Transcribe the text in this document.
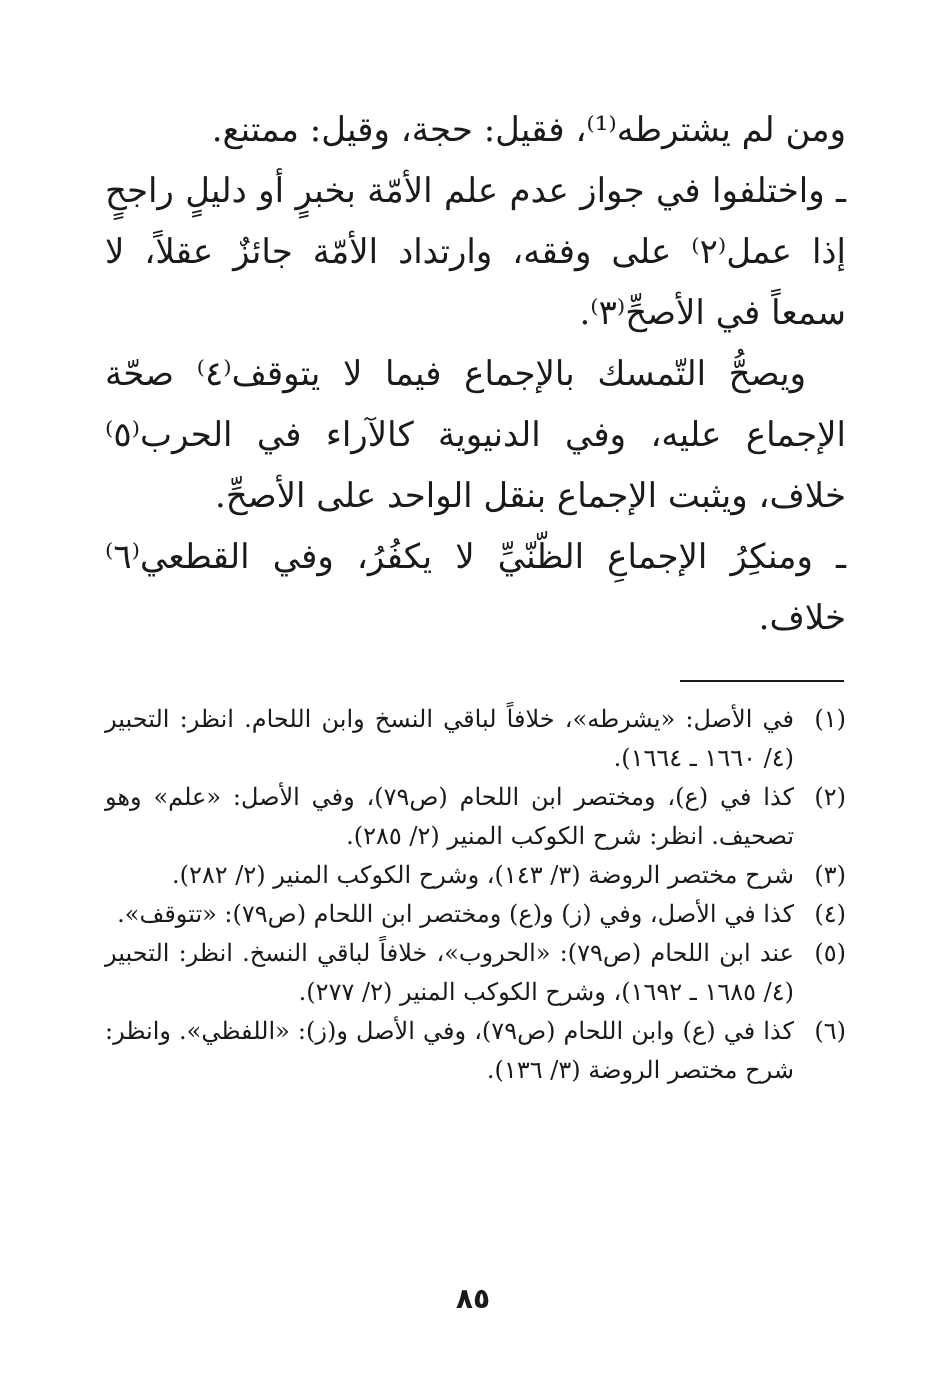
ومن لم يشترطه⁽¹⁾، فقيل: حجة، وقيل: ممتنع.

ـ واختلفوا في جواز عدم علم الأمّة بخبرٍ أو دليلٍ راجحٍ إذا عمل⁽٢⁾ على وفقه، وارتداد الأمّة جائزٌ عقلاً، لا سمعاً في الأصحِّ⁽٣⁾.

ويصحُّ التّمسك بالإجماع فيما لا يتوقف⁽٤⁾ صحّة الإجماع عليه، وفي الدنيوية كالآراء في الحرب⁽٥⁾ خلاف، ويثبت الإجماع بنقل الواحد على الأصحِّ.

ـ ومنكِرُ الإجماعِ الظّنّيِّ لا يكفُرُ، وفي القطعي⁽٦⁾ خلاف.

(١)
في الأصل: «يشرطه»، خلافاً لباقي النسخ وابن اللحام. انظر: التحبير (٤/ ١٦٦٠ ـ ١٦٦٤).
(٢)
كذا في (ع)، ومختصر ابن اللحام (ص٧٩)، وفي الأصل: «علم» وهو تصحيف. انظر: شرح الكوكب المنير (٢/ ٢٨٥).
(٣)
شرح مختصر الروضة (٣/ ١٤٣)، وشرح الكوكب المنير (٢/ ٢٨٢).
(٤)
كذا في الأصل، وفي (ز) و(ع) ومختصر ابن اللحام (ص٧٩): «تتوقف».
(٥)
عند ابن اللحام (ص٧٩): «الحروب»، خلافاً لباقي النسخ. انظر: التحبير (٤/ ١٦٨٥ ـ ١٦٩٢)، وشرح الكوكب المنير (٢/ ٢٧٧).
(٦)
كذا في (ع) وابن اللحام (ص٧٩)، وفي الأصل و(ز): «اللفظي». وانظر: شرح مختصر الروضة (٣/ ١٣٦).
٨٥
